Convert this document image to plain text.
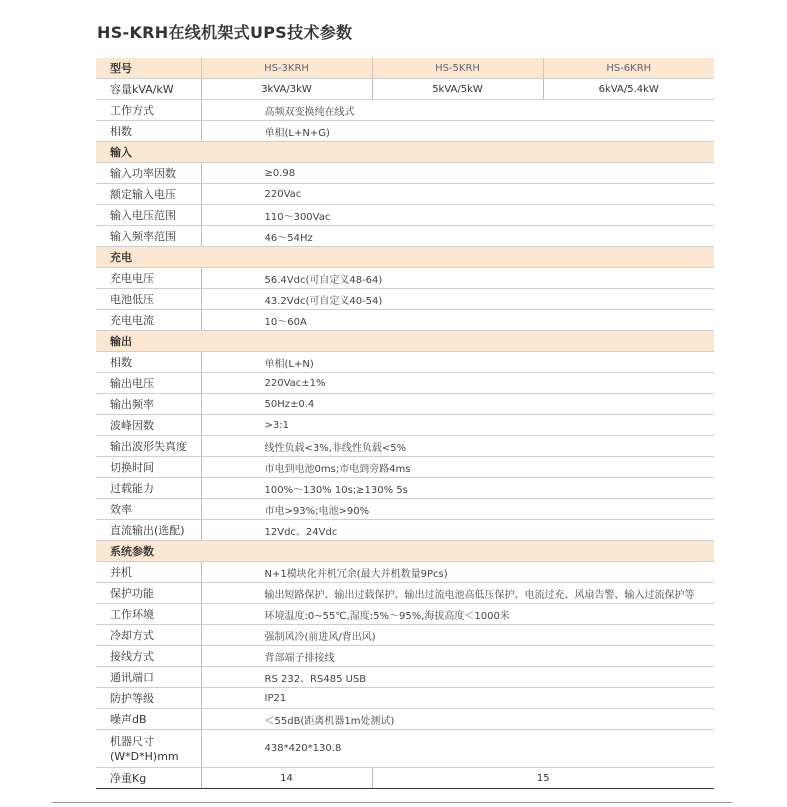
HS-KRH在线机架式UPS技术参数
型号	HS-3KRH	HS-5KRH	HS-6KRH
容量kVA/kW	3kVA/3kW	5kVA/5kW	6kVA/5.4kW
工作方式	高频双变换纯在线式		
相数	单相(L+N+G)		
输入			
输入功率因数	≥0.98		
额定输入电压	220Vac		
输入电压范围	110～300Vac		
输入频率范围	46～54Hz		
充电			
充电电压	56.4Vdc(可自定义48-64)		
电池低压	43.2Vdc(可自定义40-54)		
充电电流	10～60A		
输出			
相数	单相(L+N)		
输出电压	220Vac±1%		
输出频率	50Hz±0.4		
波峰因数	>3:1		
输出波形失真度	线性负载<3%,非线性负载<5%		
切换时间	市电到电池0ms;市电到旁路4ms		
过载能力	100%～130% 10s;≥130% 5s		
效率	市电>93%;电池>90%		
直流输出(选配)	12Vdc、24Vdc		
系统参数			
并机	N+1模块化并机冗余(最大并机数量9Pcs)		
保护功能	输出短路保护、输出过载保护、输出过流电池高低压保护、电流过充、风扇告警、输入过流保护等		
工作环境	环境温度:0~55℃,湿度:5%～95%,海拔高度＜1000米		
冷却方式	强制风冷(前进风/背出风)		
接线方式	背部端子排接线		
通讯端口	RS 232、RS485 USB		
防护等级	IP21		
噪声dB	＜55dB(距离机器1m处测试)		
机器尺寸
(W*D*H)mm	438*420*130.8		
净重Kg	14	15	
